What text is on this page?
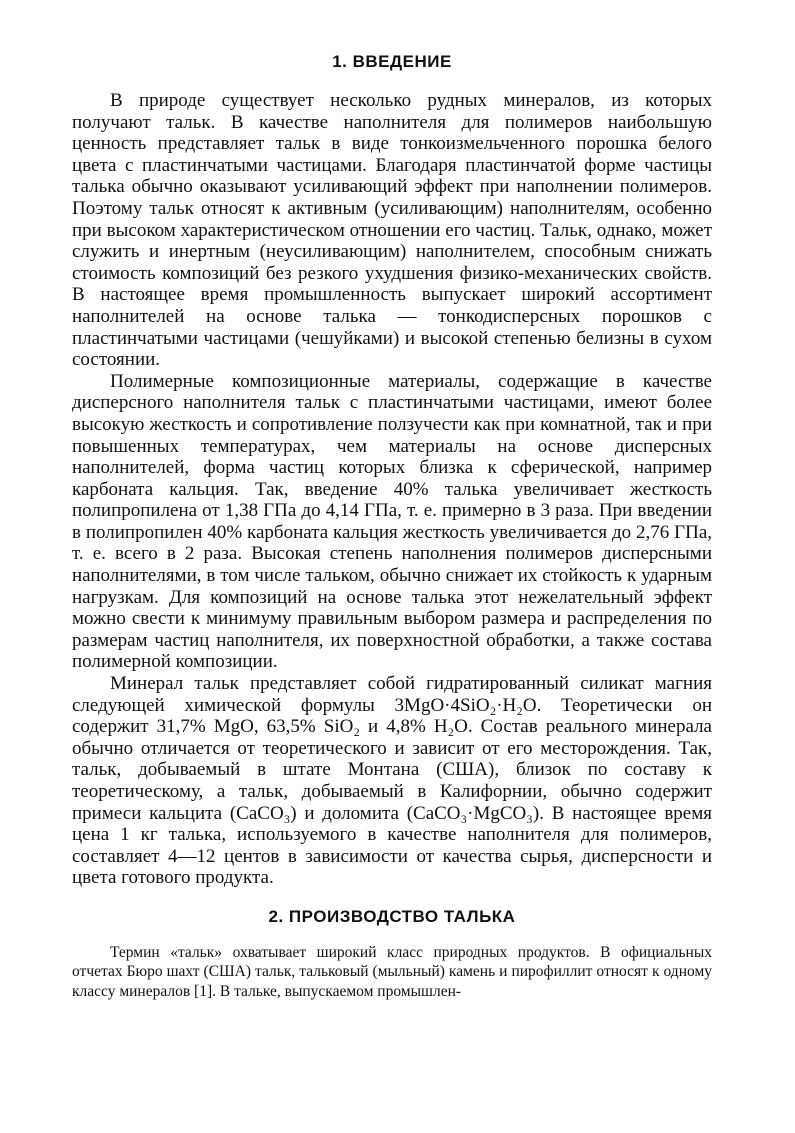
1. ВВЕДЕНИЕ

В природе существует несколько рудных минералов, из которых получают тальк. В качестве наполнителя для полимеров наибольшую ценность представляет тальк в виде тонкоизмельченного порошка белого цвета с пластинчатыми частицами. Благодаря пластинчатой форме частицы талька обычно оказывают усиливающий эффект при наполнении полимеров. Поэтому тальк относят к активным (усиливающим) наполнителям, особенно при высоком характеристическом отношении его частиц. Тальк, однако, может служить и инертным (неусиливающим) наполнителем, способным снижать стоимость композиций без резкого ухудшения физико-механических свойств. В настоящее время промышленность выпускает широкий ассортимент наполнителей на основе талька — тонкодисперсных порошков с пластинчатыми частицами (чешуйками) и высокой степенью белизны в сухом состоянии.

Полимерные композиционные материалы, содержащие в качестве дисперсного наполнителя тальк с пластинчатыми частицами, имеют более высокую жесткость и сопротивление ползучести как при комнатной, так и при повышенных температурах, чем материалы на основе дисперсных наполнителей, форма частиц которых близка к сферической, например карбоната кальция. Так, введение 40% талька увеличивает жесткость полипропилена от 1,38 ГПа до 4,14 ГПа, т. е. примерно в 3 раза. При введении в полипропилен 40% карбоната кальция жесткость увеличивается до 2,76 ГПа, т. е. всего в 2 раза. Высокая степень наполнения полимеров дисперсными наполнителями, в том числе тальком, обычно снижает их стойкость к ударным нагрузкам. Для композиций на основе талька этот нежелательный эффект можно свести к минимуму правильным выбором размера и распределения по размерам частиц наполнителя, их поверхностной обработки, а также состава полимерной композиции.

Минерал тальк представляет собой гидратированный силикат магния следующей химической формулы 3MgO·4SiO₂·H₂O. Теоретически он содержит 31,7% MgO, 63,5% SiO₂ и 4,8% H₂O. Состав реального минерала обычно отличается от теоретического и зависит от его месторождения. Так, тальк, добываемый в штате Монтана (США), близок по составу к теоретическому, а тальк, добываемый в Калифорнии, обычно содержит примеси кальцита (CaCO₃) и доломита (CaCO₃·MgCO₃). В настоящее время цена 1 кг талька, используемого в качестве наполнителя для полимеров, составляет 4—12 центов в зависимости от качества сырья, дисперсности и цвета готового продукта.

2. ПРОИЗВОДСТВО ТАЛЬКА

Термин «тальк» охватывает широкий класс природных продуктов. В официальных отчетах Бюро шахт (США) тальк, тальковый (мыльный) камень и пирофиллит относят к одному классу минералов [1]. В тальке, выпускаемом промышлен-
